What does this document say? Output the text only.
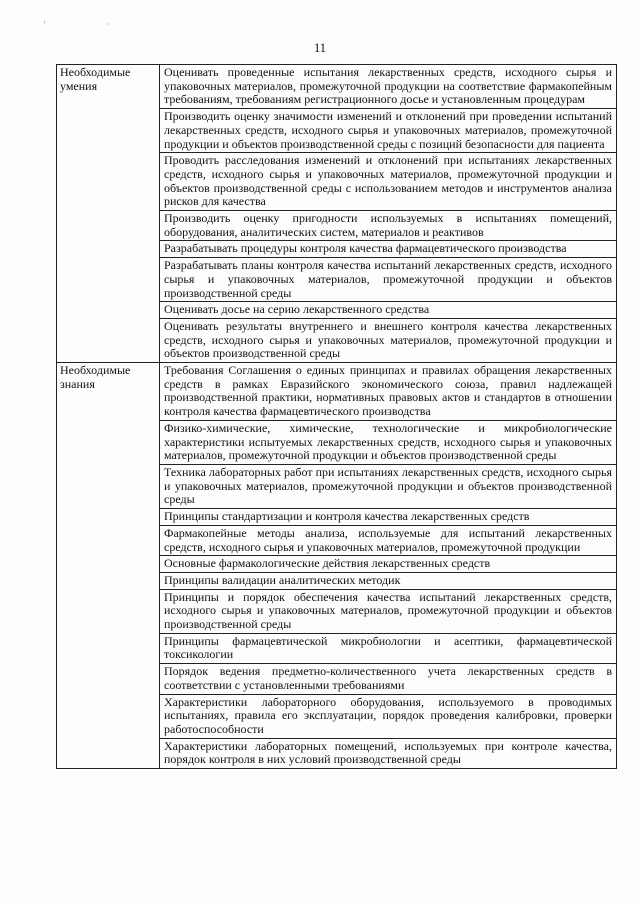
' ·
11
Необходимые умения	Оценивать проведенные испытания лекарственных средств, исходного сырья и упаковочных материалов, промежуточной продукции на соответствие фармакопейным требованиям, требованиям регистрационного досье и установленным процедурам
	Производить оценку значимости изменений и отклонений при проведении испытаний лекарственных средств, исходного сырья и упаковочных материалов, промежуточной продукции и объектов производственной среды с позиций безопасности для пациента
	Проводить расследования изменений и отклонений при испытаниях лекарственных средств, исходного сырья и упаковочных материалов, промежуточной продукции и объектов производственной среды с использованием методов и инструментов анализа рисков для качества
	Производить оценку пригодности используемых в испытаниях помещений, оборудования, аналитических систем, материалов и реактивов
	Разрабатывать процедуры контроля качества фармацевтического производства
	Разрабатывать планы контроля качества испытаний лекарственных средств, исходного сырья и упаковочных материалов, промежуточной продукции и объектов производственной среды
	Оценивать досье на серию лекарственного средства
	Оценивать результаты внутреннего и внешнего контроля качества лекарственных средств, исходного сырья и упаковочных материалов, промежуточной продукции и объектов производственной среды
Необходимые знания	Требования Соглашения о единых принципах и правилах обращения лекарственных средств в рамках Евразийского экономического союза, правил надлежащей производственной практики, нормативных правовых актов и стандартов в отношении контроля качества фармацевтического производства
	Физико-химические, химические, технологические и микробиологические характеристики испытуемых лекарственных средств, исходного сырья и упаковочных материалов, промежуточной продукции и объектов производственной среды
	Техника лабораторных работ при испытаниях лекарственных средств, исходного сырья и упаковочных материалов, промежуточной продукции и объектов производственной среды
	Принципы стандартизации и контроля качества лекарственных средств
	Фармакопейные методы анализа, используемые для испытаний лекарственных средств, исходного сырья и упаковочных материалов, промежуточной продукции
	Основные фармакологические действия лекарственных средств
	Принципы валидации аналитических методик
	Принципы и порядок обеспечения качества испытаний лекарственных средств, исходного сырья и упаковочных материалов, промежуточной продукции и объектов производственной среды
	Принципы фармацевтической микробиологии и асептики, фармацевтической токсикологии
	Порядок ведения предметно-количественного учета лекарственных средств в соответствии с установленными требованиями
	Характеристики лабораторного оборудования, используемого в проводимых испытаниях, правила его эксплуатации, порядок проведения калибровки, проверки работоспособности
	Характеристики лабораторных помещений, используемых при контроле качества, порядок контроля в них условий производственной среды
